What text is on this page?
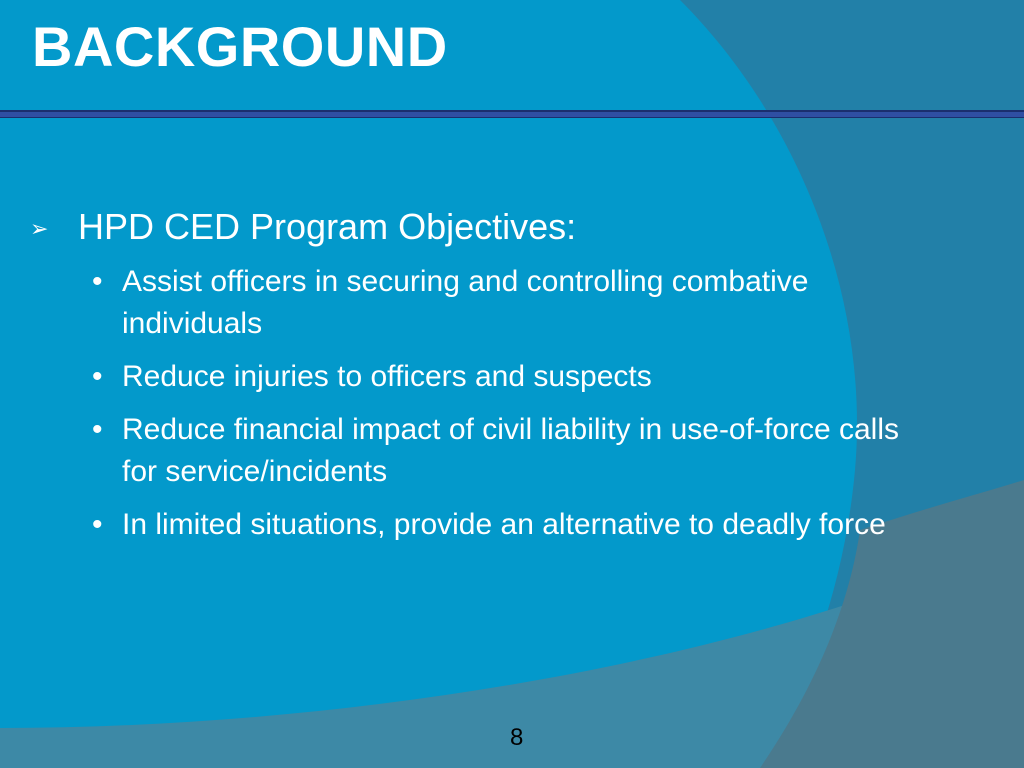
BACKGROUND
➢ HPD CED Program Objectives:
• Assist officers in securing and controlling combative individuals
• Reduce injuries to officers and suspects
• Reduce financial impact of civil liability in use-of-force calls for service/incidents
• In limited situations, provide an alternative to deadly force
8
